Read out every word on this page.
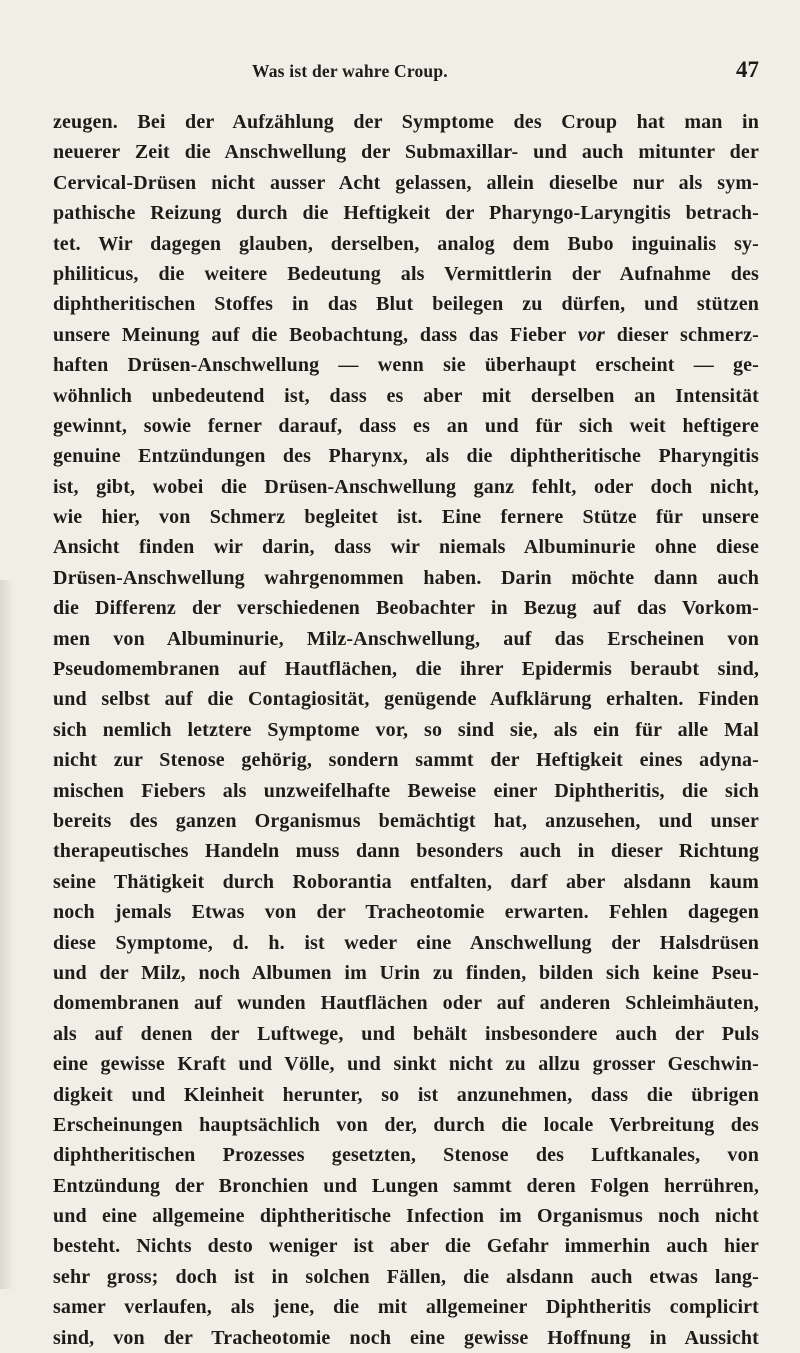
Was ist der wahre Croup.	47
zeugen. Bei der Aufzählung der Symptome des Croup hat man in
neuerer Zeit die Anschwellung der Submaxillar- und auch mitunter der
Cervical-Drüsen nicht ausser Acht gelassen, allein dieselbe nur als sym-
pathische Reizung durch die Heftigkeit der Pharyngo-Laryngitis betrach-
tet. Wir dagegen glauben, derselben, analog dem Bubo inguinalis sy-
philiticus, die weitere Bedeutung als Vermittlerin der Aufnahme des
diphtheritischen Stoffes in das Blut beilegen zu dürfen, und stützen
unsere Meinung auf die Beobachtung, dass das Fieber vor dieser schmerz-
haften Drüsen-Anschwellung — wenn sie überhaupt erscheint — ge-
wöhnlich unbedeutend ist, dass es aber mit derselben an Intensität
gewinnt, sowie ferner darauf, dass es an und für sich weit heftigere
genuine Entzündungen des Pharynx, als die diphtheritische Pharyngitis
ist, gibt, wobei die Drüsen-Anschwellung ganz fehlt, oder doch nicht,
wie hier, von Schmerz begleitet ist. Eine fernere Stütze für unsere
Ansicht finden wir darin, dass wir niemals Albuminurie ohne diese
Drüsen-Anschwellung wahrgenommen haben. Darin möchte dann auch
die Differenz der verschiedenen Beobachter in Bezug auf das Vorkom-
men von Albuminurie, Milz-Anschwellung, auf das Erscheinen von
Pseudomembranen auf Hautflächen, die ihrer Epidermis beraubt sind,
und selbst auf die Contagiosität, genügende Aufklärung erhalten. Finden
sich nemlich letztere Symptome vor, so sind sie, als ein für alle Mal
nicht zur Stenose gehörig, sondern sammt der Heftigkeit eines adyna-
mischen Fiebers als unzweifelhafte Beweise einer Diphtheritis, die sich
bereits des ganzen Organismus bemächtigt hat, anzusehen, und unser
therapeutisches Handeln muss dann besonders auch in dieser Richtung
seine Thätigkeit durch Roborantia entfalten, darf aber alsdann kaum
noch jemals Etwas von der Tracheotomie erwarten. Fehlen dagegen
diese Symptome, d. h. ist weder eine Anschwellung der Halsdrüsen
und der Milz, noch Albumen im Urin zu finden, bilden sich keine Pseu-
domembranen auf wunden Hautflächen oder auf anderen Schleimhäuten,
als auf denen der Luftwege, und behält insbesondere auch der Puls
eine gewisse Kraft und Völle, und sinkt nicht zu allzu grosser Geschwin-
digkeit und Kleinheit herunter, so ist anzunehmen, dass die übrigen
Erscheinungen hauptsächlich von der, durch die locale Verbreitung des
diphtheritischen Prozesses gesetzten, Stenose des Luftkanales, von
Entzündung der Bronchien und Lungen sammt deren Folgen herrühren,
und eine allgemeine diphtheritische Infection im Organismus noch nicht
besteht. Nichts desto weniger ist aber die Gefahr immerhin auch hier
sehr gross; doch ist in solchen Fällen, die alsdann auch etwas lang-
samer verlaufen, als jene, die mit allgemeiner Diphtheritis complicirt
sind, von der Tracheotomie noch eine gewisse Hoffnung in Aussicht
